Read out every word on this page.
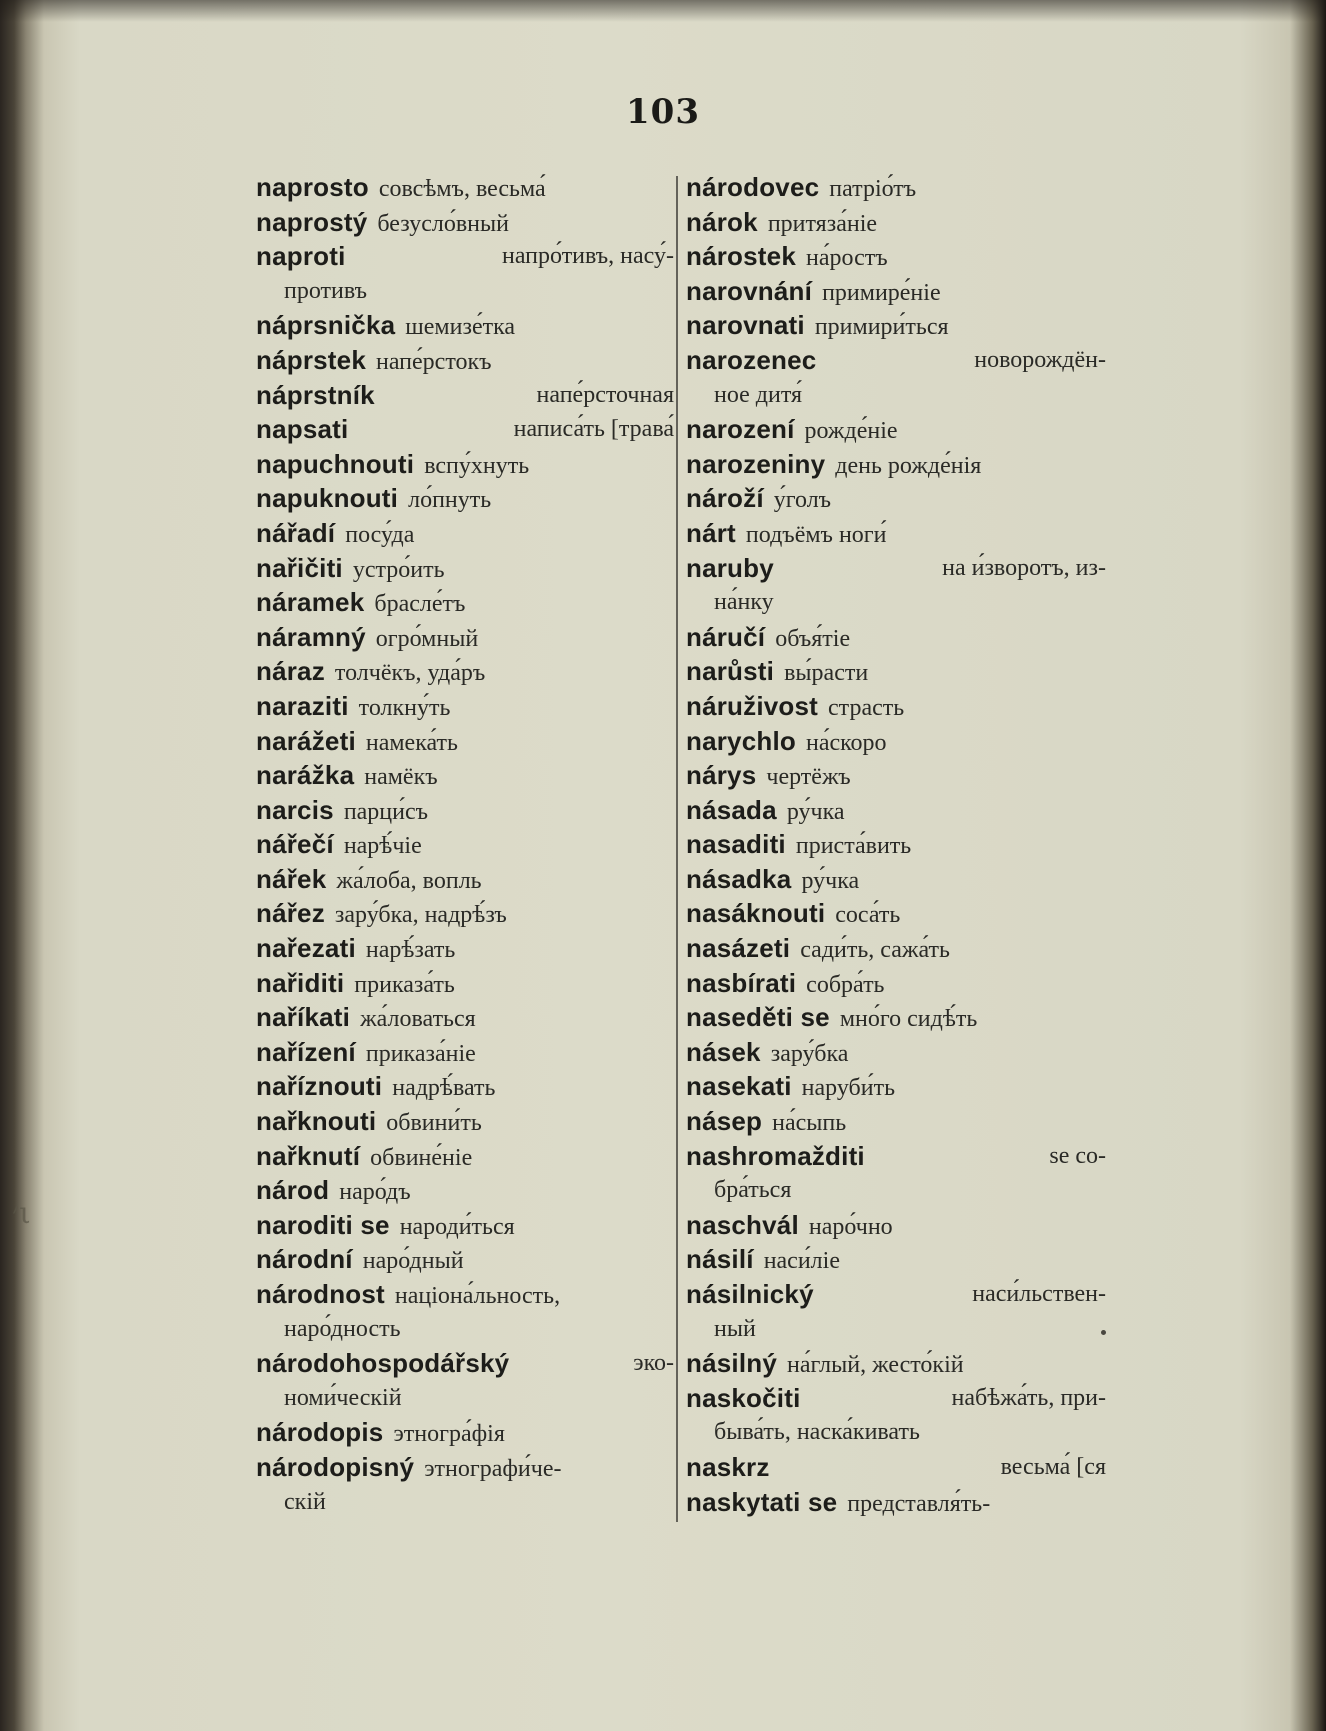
׳ι
103
naprosto совсѣмъ, весьма́
naprostý безусло́вный
naproti	напро́тивъ, насу́-
противъ
náprsnička шемизе́тка
náprstek напе́рстокъ
náprstník	напе́рсточная
napsati	написа́ть [трава́
napuchnouti вспу́хнуть
napuknouti ло́пнуть
nářadí посу́да
nařičiti устро́ить
náramek брасле́тъ
náramný огро́мный
náraz толчёкъ, уда́ръ
naraziti толкну́ть
narážeti намека́ть
narážka намёкъ
narcis парци́съ
nářečí нарѣ́чіе
nářek жа́лоба, вопль
nářez зару́бка, надрѣ́зъ
nařezati нарѣ́зать
nařiditi приказа́ть
naříkati жа́ловаться
nařízení приказа́ніе
naříznouti надрѣ́вать
nařknouti обвини́ть
nařknutí обвине́ніе
národ наро́дъ
naroditi se народи́ться
národní наро́дный
národnost націона́льность,
наро́дность
národohospodářský	эко-
номи́ческій
národopis этногра́фія
národopisný этнографи́че-
скій
národovec патріо́тъ
nárok притяза́ніе
nárostek на́ростъ
narovnání примире́ніе
narovnati примири́ться
narozenec	новорождён-
ное дитя́
narození рожде́ніе
narozeniny день рожде́нія
nároží у́голъ
nárt подъёмъ ноги́
naruby	на и́зворотъ, из-
на́нку
náručí объя́тіе
narůsti вы́расти
náruživost страсть
narychlo на́скоро
nárys чертёжъ
násada ру́чка
nasaditi приста́вить
násadka ру́чка
nasáknouti coса́ть
nasázeti сади́ть, сажа́ть
nasbírati собра́ть
naseděti se мно́го сидѣ́ть
násek зару́бка
nasekati наруби́ть
násep на́сыпь
nashromažditi	se со-
бра́ться
naschvál наро́чно
násilí наси́ліе
násilnický	наси́льствен-
ный
násilný на́глый, жесто́кій
naskočiti	набѣжа́ть, при-
быва́ть, наска́кивать
naskrz	весьма́ [ся
naskytati se представля́ть-
